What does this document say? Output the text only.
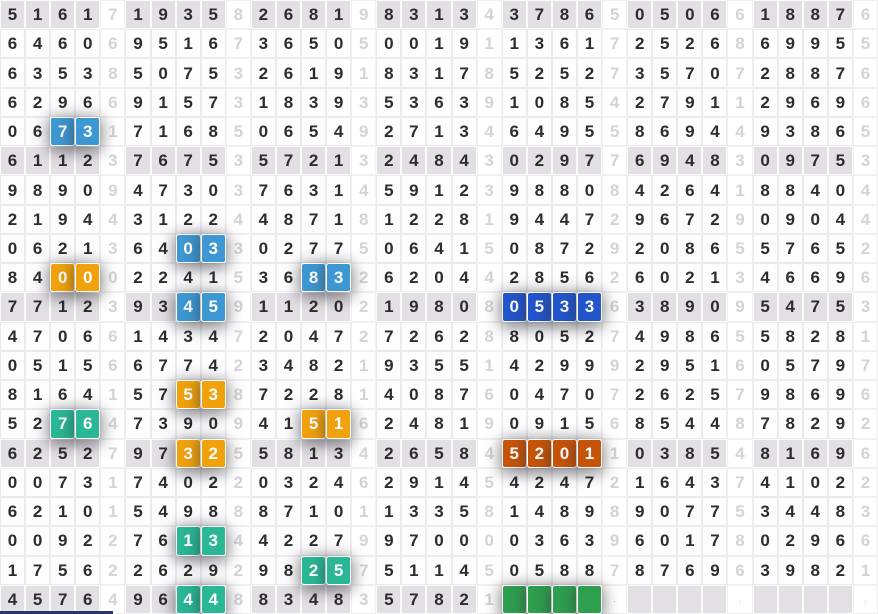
5 1 6 1 7 1 9 3 5 8 2 6 8 1 9 8 3 1 3 4 3 7 8 6 5 0 5 0 6 6 1 8 8 7 6
6 4 6 0 6 9 5 1 6 7 3 6 5 0 5 0 0 1 9 1 1 3 6 1 7 2 5 2 6 8 6 9 9 5 5
6 3 5 3 8 5 0 7 5 3 2 6 1 9 1 8 3 1 7 8 5 2 5 2 7 3 5 7 0 7 2 8 8 7 6
6 2 9 6 6 9 1 5 7 3 1 8 3 9 3 5 3 6 3 9 1 0 8 5 4 2 7 9 1 1 2 9 6 9 6
0 6 7 3 1 7 1 6 8 5 0 6 5 4 9 2 7 1 3 4 6 4 9 5 5 8 6 9 4 4 9 3 8 6 5
6 1 1 2 3 7 6 7 5 3 5 7 2 1 3 2 4 8 4 3 0 2 9 7 7 6 9 4 8 3 0 9 7 5 3
9 8 9 0 9 4 7 3 0 3 7 6 3 1 4 5 9 1 2 3 9 8 8 0 8 4 2 6 4 1 8 8 4 0 4
2 1 9 4 4 3 1 2 2 4 4 8 7 1 8 1 2 2 8 1 9 4 4 7 2 9 6 7 2 9 0 9 0 4 4
0 6 2 1 3 6 4 0 3 3 0 2 7 7 5 0 6 4 1 5 0 8 7 2 9 2 0 8 6 5 5 7 6 5 2
8 4 0 0 0 2 2 4 1 5 3 6 8 3 2 6 2 0 4 4 2 8 5 6 2 6 0 2 1 3 4 6 6 9 6
7 7 1 2 3 9 3 4 5 9 1 1 2 0 2 1 9 8 0 8 0 5 3 3 6 3 8 9 0 9 5 4 7 5 3
4 7 0 6 6 1 4 3 4 7 2 0 4 7 2 7 2 6 2 8 8 0 5 2 7 4 9 8 6 5 5 8 2 8 1
0 5 1 5 6 6 7 7 4 2 3 4 8 2 1 9 3 5 5 1 4 2 9 9 9 2 9 5 1 6 0 5 7 9 7
8 1 6 4 1 5 7 5 3 8 7 2 2 8 1 4 0 8 7 6 0 4 7 0 7 2 6 2 5 7 9 8 6 9 6
5 2 7 6 4 7 3 9 0 9 4 1 5 1 6 2 4 8 1 9 0 9 1 5 6 8 5 4 4 8 7 8 2 9 2
6 2 5 2 7 9 7 3 2 5 5 8 1 3 4 2 6 5 8 4 5 2 0 1 1 0 3 8 5 4 8 1 6 9 6
0 0 7 3 1 7 4 0 2 2 0 3 2 4 6 2 9 1 4 5 4 2 4 7 2 1 6 4 3 7 4 1 0 2 2
6 2 1 0 1 5 4 9 8 8 8 7 1 0 1 1 3 3 5 8 1 4 8 9 8 9 0 7 7 5 3 4 4 8 3
0 0 9 2 2 7 6 1 3 4 4 2 2 7 9 9 7 0 0 0 0 3 6 3 9 6 0 1 7 8 0 2 9 6 6
1 7 5 6 2 2 6 2 9 2 9 8 2 5 7 5 1 1 4 5 0 5 8 8 7 8 7 6 9 6 3 9 8 2 1
4 5 7 6 4 9 6 4 4 8 8 3 4 8 3 5 7 8 2 1	.	.	.
